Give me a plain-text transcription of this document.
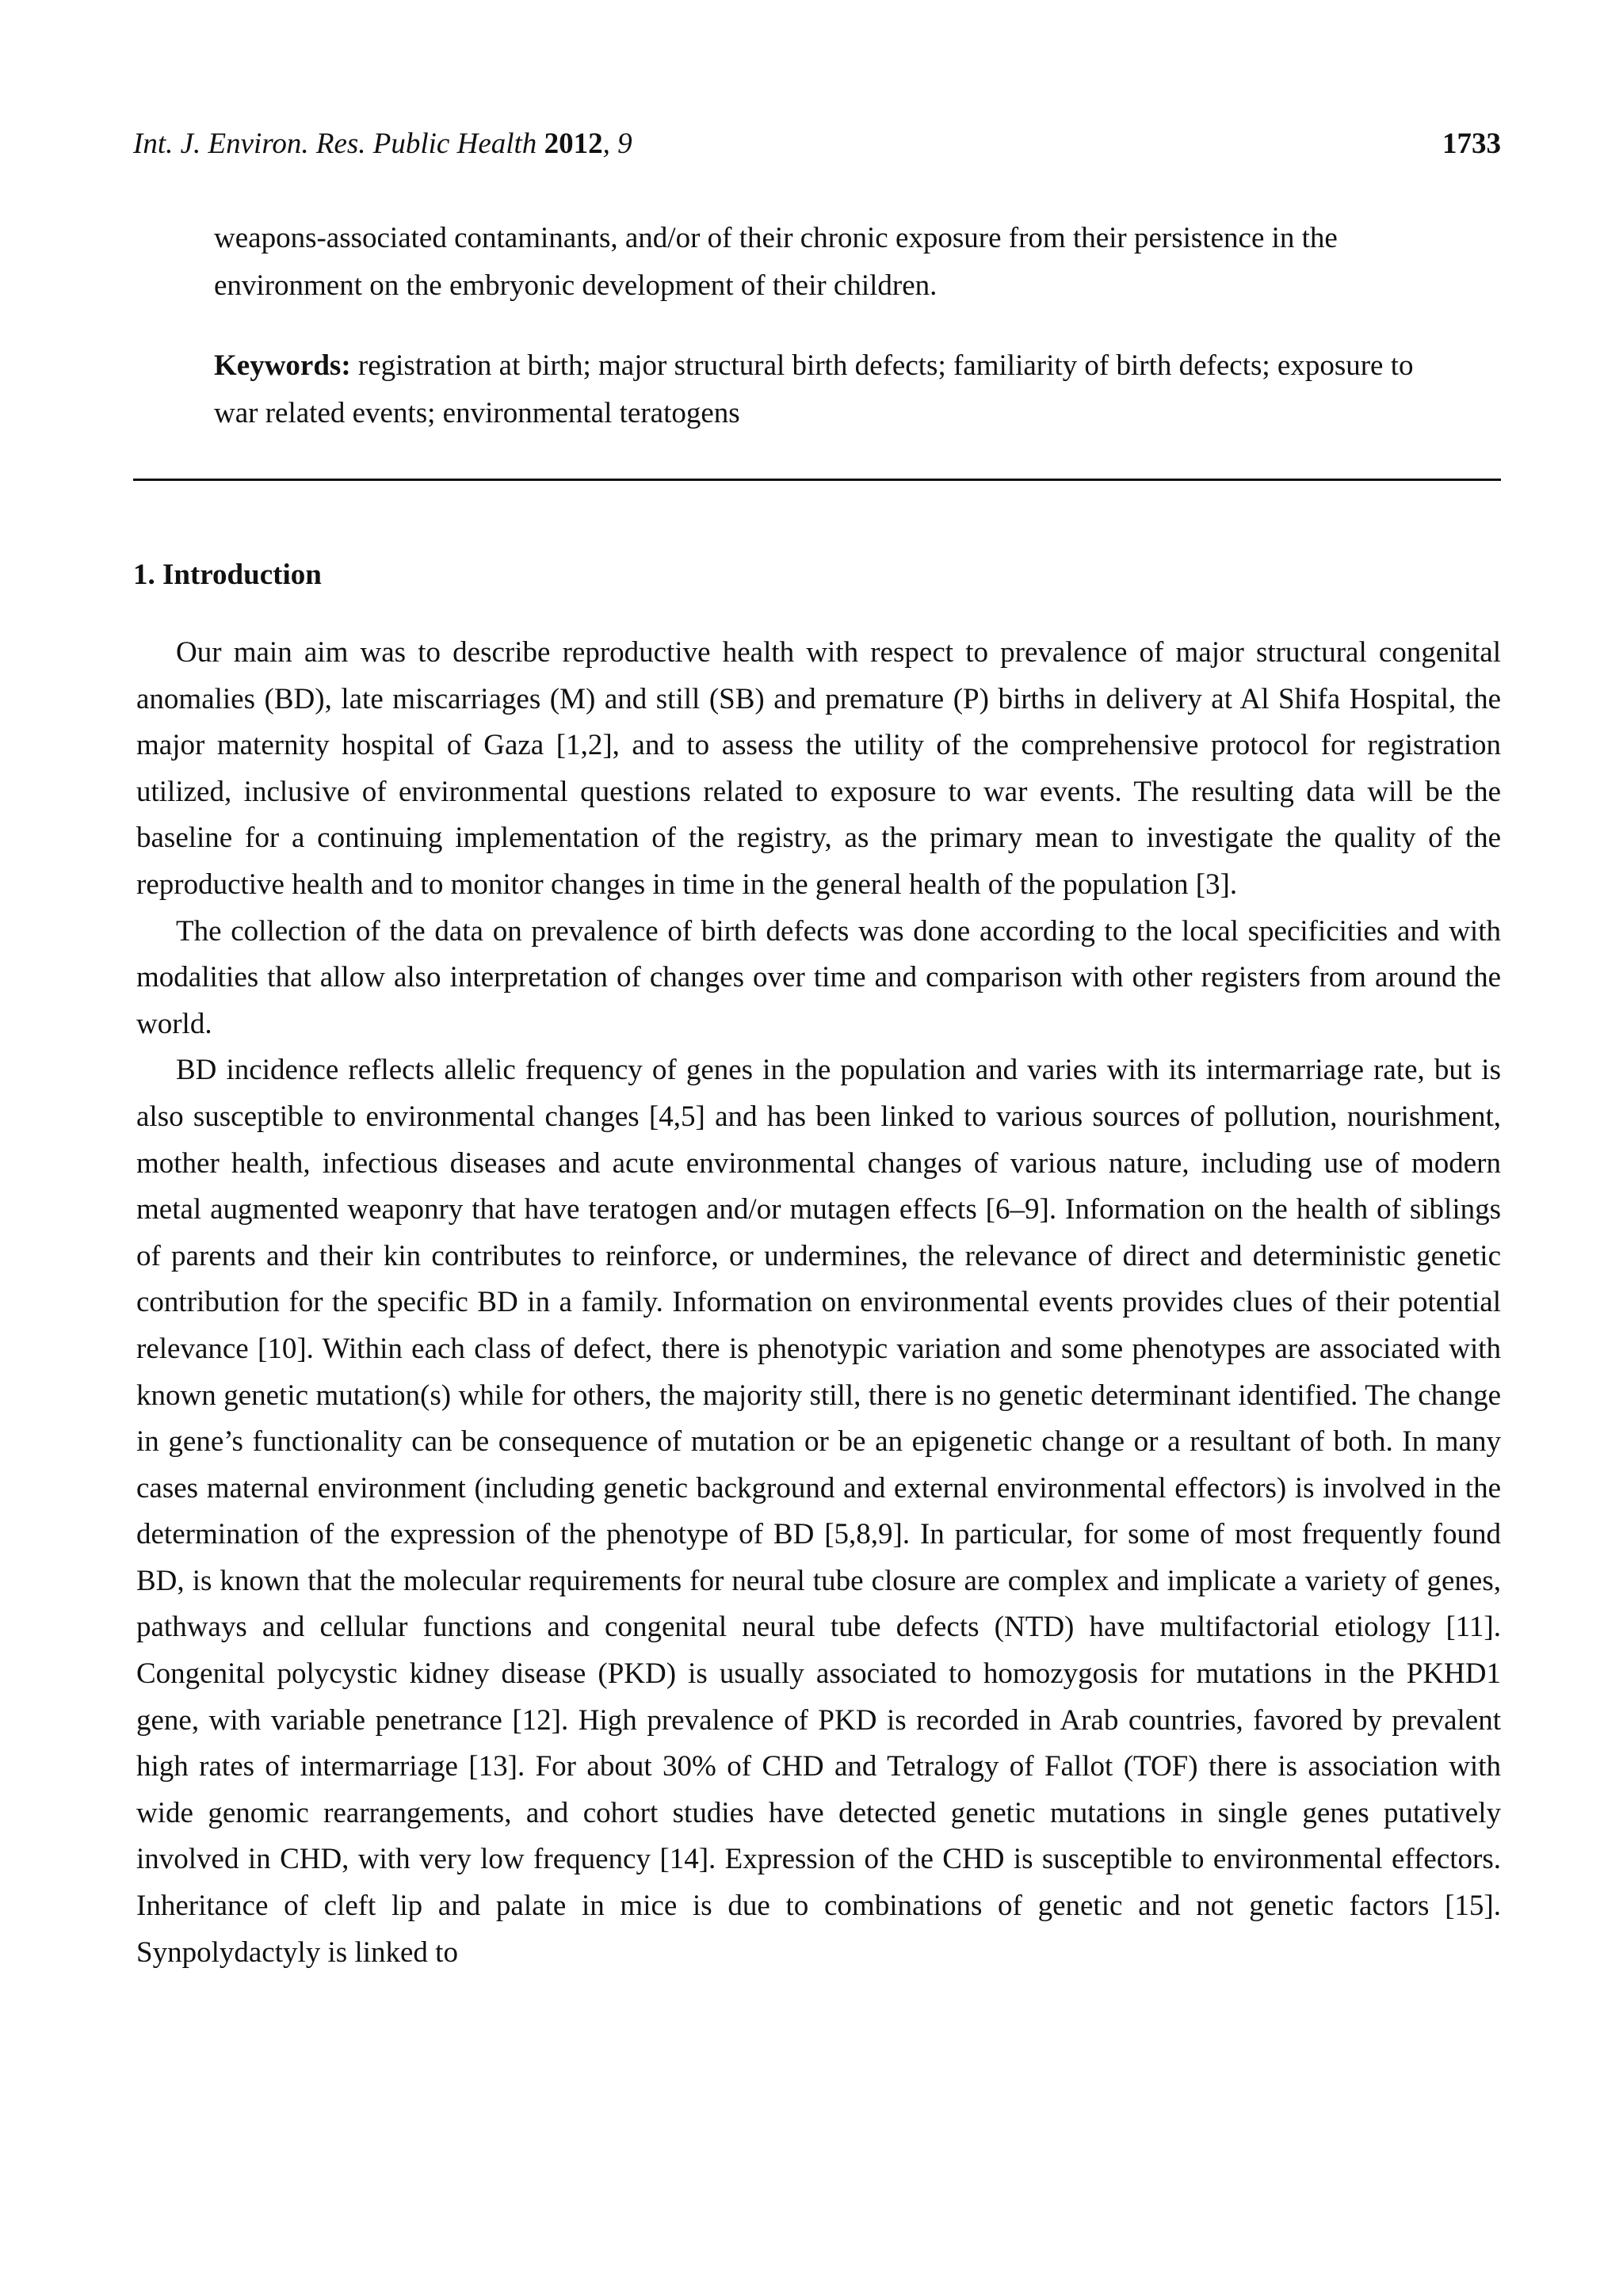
Int. J. Environ. Res. Public Health 2012, 9	1733
weapons-associated contaminants, and/or of their chronic exposure from their persistence in the environment on the embryonic development of their children.
Keywords: registration at birth; major structural birth defects; familiarity of birth defects; exposure to war related events; environmental teratogens
1. Introduction

Our main aim was to describe reproductive health with respect to prevalence of major structural congenital anomalies (BD), late miscarriages (M) and still (SB) and premature (P) births in delivery at Al Shifa Hospital, the major maternity hospital of Gaza [1,2], and to assess the utility of the comprehensive protocol for registration utilized, inclusive of environmental questions related to exposure to war events. The resulting data will be the baseline for a continuing implementation of the registry, as the primary mean to investigate the quality of the reproductive health and to monitor changes in time in the general health of the population [3].

The collection of the data on prevalence of birth defects was done according to the local specificities and with modalities that allow also interpretation of changes over time and comparison with other registers from around the world.

BD incidence reflects allelic frequency of genes in the population and varies with its intermarriage rate, but is also susceptible to environmental changes [4,5] and has been linked to various sources of pollution, nourishment, mother health, infectious diseases and acute environmental changes of various nature, including use of modern metal augmented weaponry that have teratogen and/or mutagen effects [6–9]. Information on the health of siblings of parents and their kin contributes to reinforce, or undermines, the relevance of direct and deterministic genetic contribution for the specific BD in a family. Information on environmental events provides clues of their potential relevance [10]. Within each class of defect, there is phenotypic variation and some phenotypes are associated with known genetic mutation(s) while for others, the majority still, there is no genetic determinant identified. The change in gene’s functionality can be consequence of mutation or be an epigenetic change or a resultant of both. In many cases maternal environment (including genetic background and external environmental effectors) is involved in the determination of the expression of the phenotype of BD [5,8,9]. In particular, for some of most frequently found BD, is known that the molecular requirements for neural tube closure are complex and implicate a variety of genes, pathways and cellular functions and congenital neural tube defects (NTD) have multifactorial etiology [11]. Congenital polycystic kidney disease (PKD) is usually associated to homozygosis for mutations in the PKHD1 gene, with variable penetrance [12]. High prevalence of PKD is recorded in Arab countries, favored by prevalent high rates of intermarriage [13]. For about 30% of CHD and Tetralogy of Fallot (TOF) there is association with wide genomic rearrangements, and cohort studies have detected genetic mutations in single genes putatively involved in CHD, with very low frequency [14]. Expression of the CHD is susceptible to environmental effectors. Inheritance of cleft lip and palate in mice is due to combinations of genetic and not genetic factors [15]. Synpolydactyly is linked to
